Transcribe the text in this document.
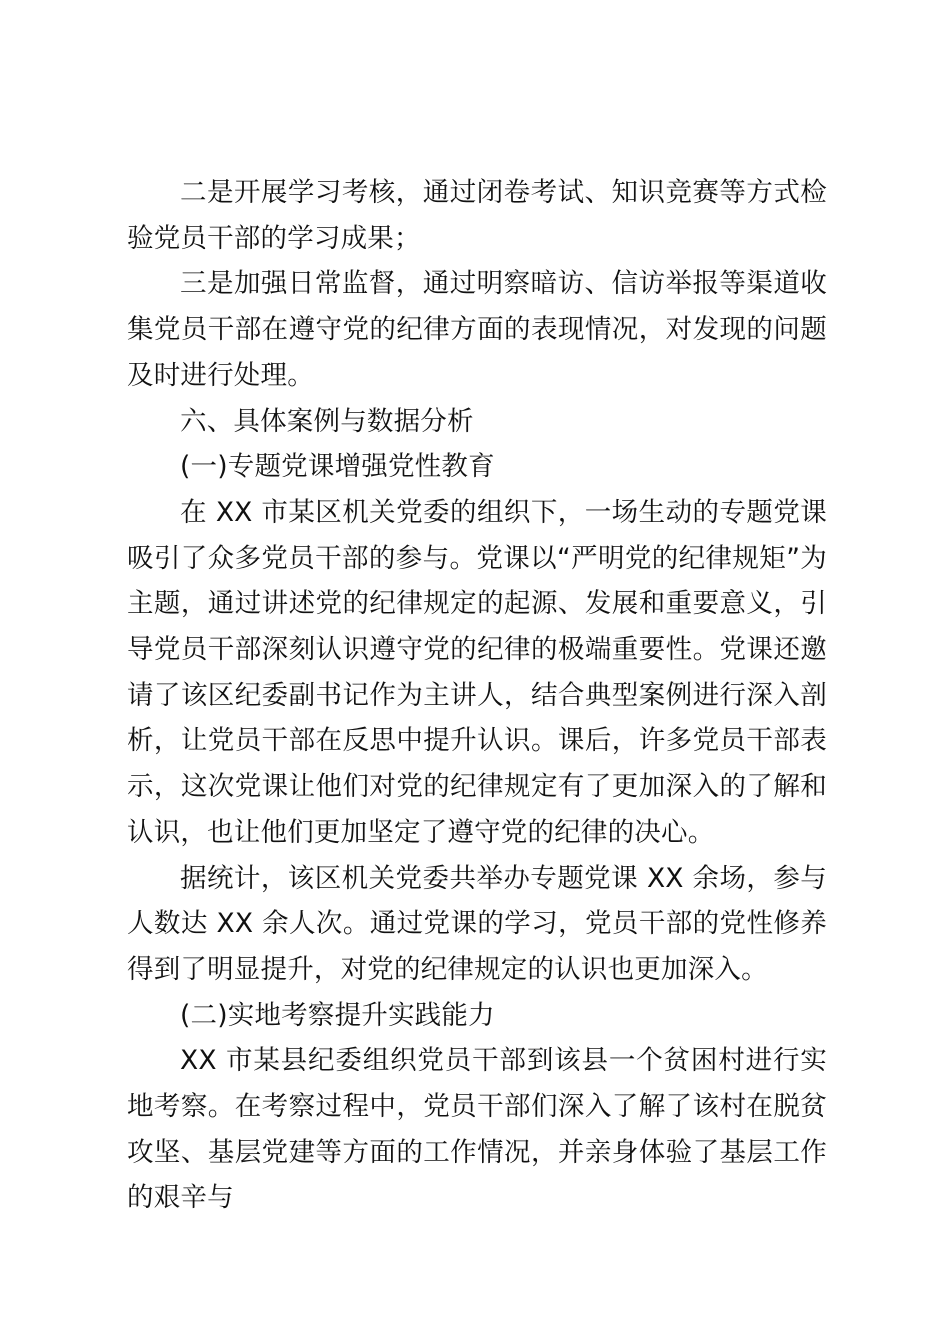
二是开展学习考核，通过闭卷考试、知识竞赛等方式检验党员干部的学习成果；

三是加强日常监督，通过明察暗访、信访举报等渠道收集党员干部在遵守党的纪律方面的表现情况，对发现的问题及时进行处理。

六、具体案例与数据分析

(一)专题党课增强党性教育

在 XX 市某区机关党委的组织下，一场生动的专题党课吸引了众多党员干部的参与。党课以“严明党的纪律规矩”为主题，通过讲述党的纪律规定的起源、发展和重要意义，引导党员干部深刻认识遵守党的纪律的极端重要性。党课还邀请了该区纪委副书记作为主讲人，结合典型案例进行深入剖析，让党员干部在反思中提升认识。课后，许多党员干部表示，这次党课让他们对党的纪律规定有了更加深入的了解和认识，也让他们更加坚定了遵守党的纪律的决心。

据统计，该区机关党委共举办专题党课 XX 余场，参与人数达 XX 余人次。通过党课的学习，党员干部的党性修养得到了明显提升，对党的纪律规定的认识也更加深入。

(二)实地考察提升实践能力

XX 市某县纪委组织党员干部到该县一个贫困村进行实地考察。在考察过程中，党员干部们深入了解了该村在脱贫攻坚、基层党建等方面的工作情况，并亲身体验了基层工作的艰辛与
